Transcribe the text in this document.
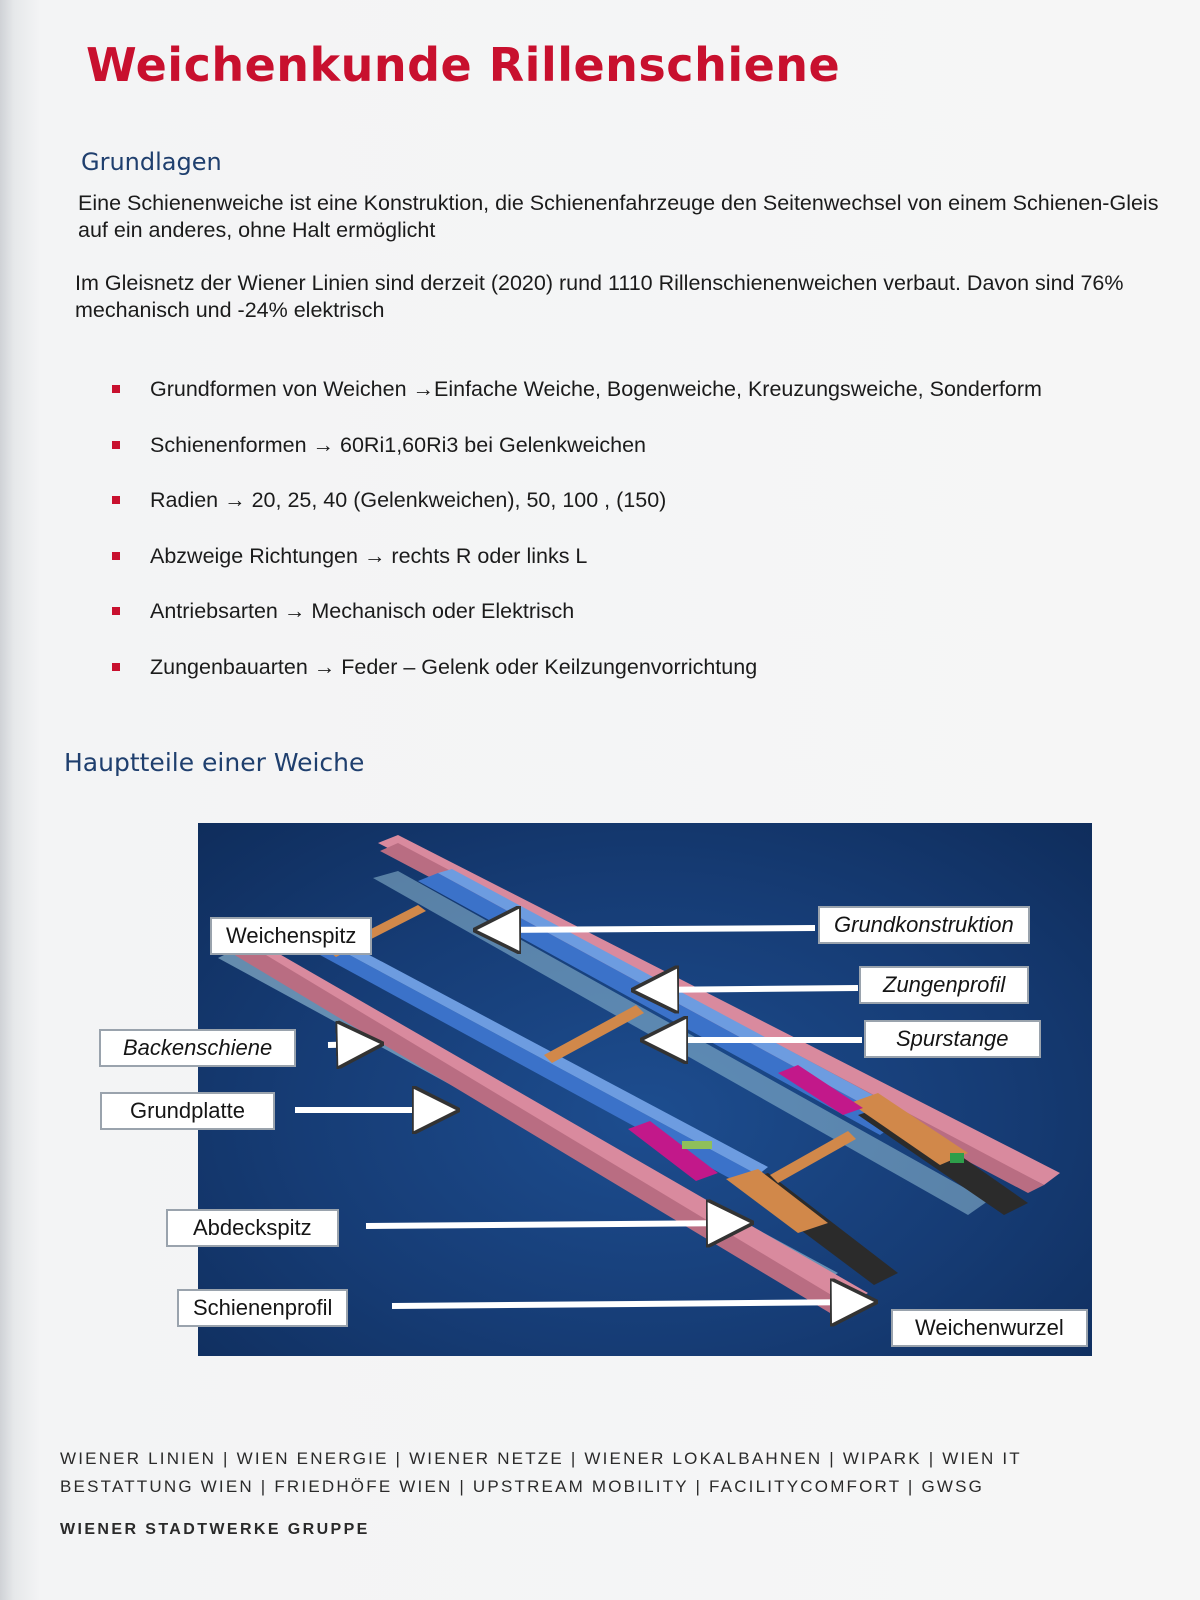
Weichenkunde Rillenschiene
Grundlagen

Eine Schienenweiche ist eine Konstruktion, die Schienenfahrzeuge den Seitenwechsel von einem Schienen-Gleis auf ein anderes, ohne Halt ermöglicht

Im Gleisnetz der Wiener Linien sind derzeit (2020) rund 1110 Rillenschienenweichen verbaut. Davon sind 76% mechanisch und -24% elektrisch

Grundformen von Weichen →Einfache Weiche, Bogenweiche, Kreuzungsweiche, Sonderform
Schienenformen → 60Ri1,60Ri3 bei Gelenkweichen
Radien → 20, 25, 40 (Gelenkweichen), 50, 100 , (150)
Abzweige Richtungen → rechts R oder links L
Antriebsarten → Mechanisch oder Elektrisch
Zungenbauarten → Feder – Gelenk oder Keilzungenvorrichtung
Hauptteile einer Weiche
Weichenspitz	Grundkonstruktion
Zungenprofil
Spurstange
Backenschiene
Grundplatte
Abdeckspitz
Schienenprofil
Weichenwurzel
WIENER LINIEN | WIEN ENERGIE | WIENER NETZE | WIENER LOKALBAHNEN | WIPARK | WIEN IT
BESTATTUNG WIEN | FRIEDHÖFE WIEN | UPSTREAM MOBILITY | FACILITYCOMFORT | GWSG
WIENER STADTWERKE GRUPPE
